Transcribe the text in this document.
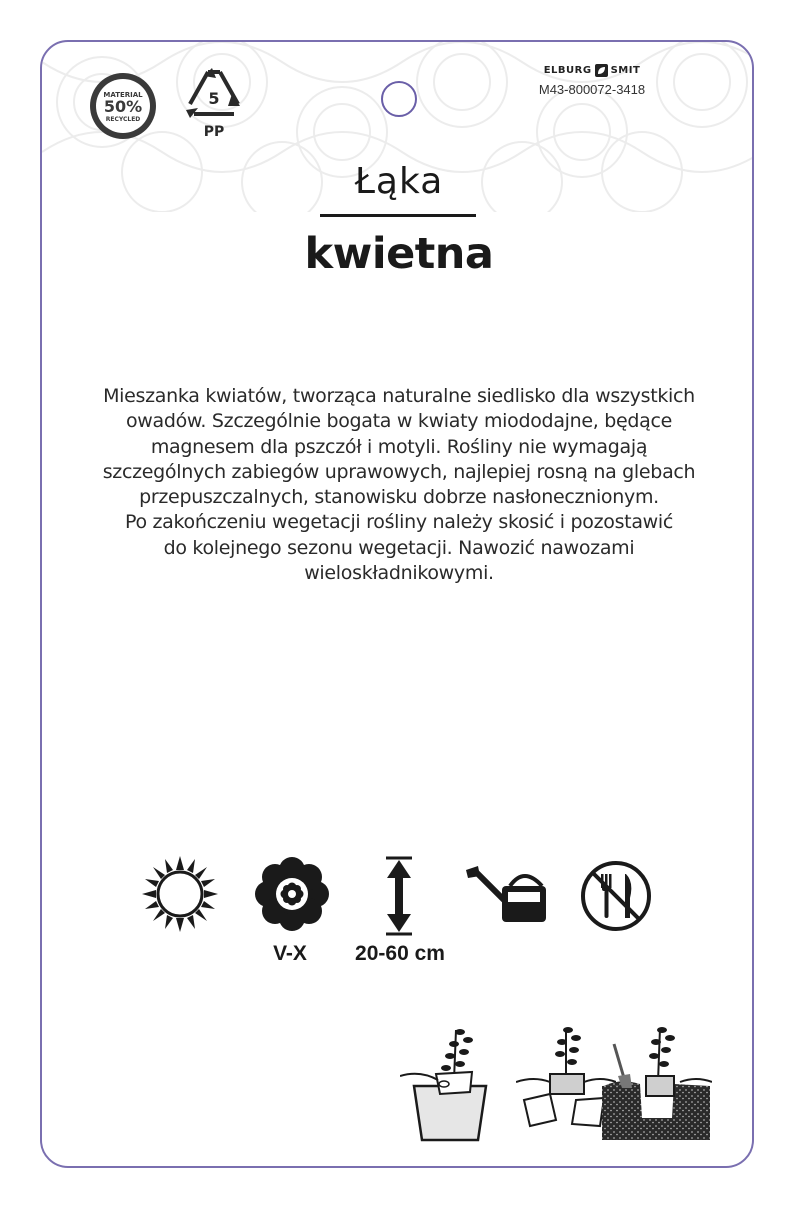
MATERIAL
50%
RECYCLED
5
PP
ELBURG SMIT
M43-800072-3418
Łąka
kwietna

Mieszanka kwiatów, tworząca naturalne siedlisko dla wszystkich
owadów. Szczególnie bogata w kwiaty miododajne, będące
magnesem dla pszczół i motyli. Rośliny nie wymagają
szczególnych zabiegów uprawowych, najlepiej rosną na glebach
przepuszczalnych, stanowisku dobrze nasłonecznionym.
Po zakończeniu wegetacji rośliny należy skosić i pozostawić
do kolejnego sezonu wegetacji. Nawozić nawozami
wieloskładnikowymi.

V-X	20-60 cm
